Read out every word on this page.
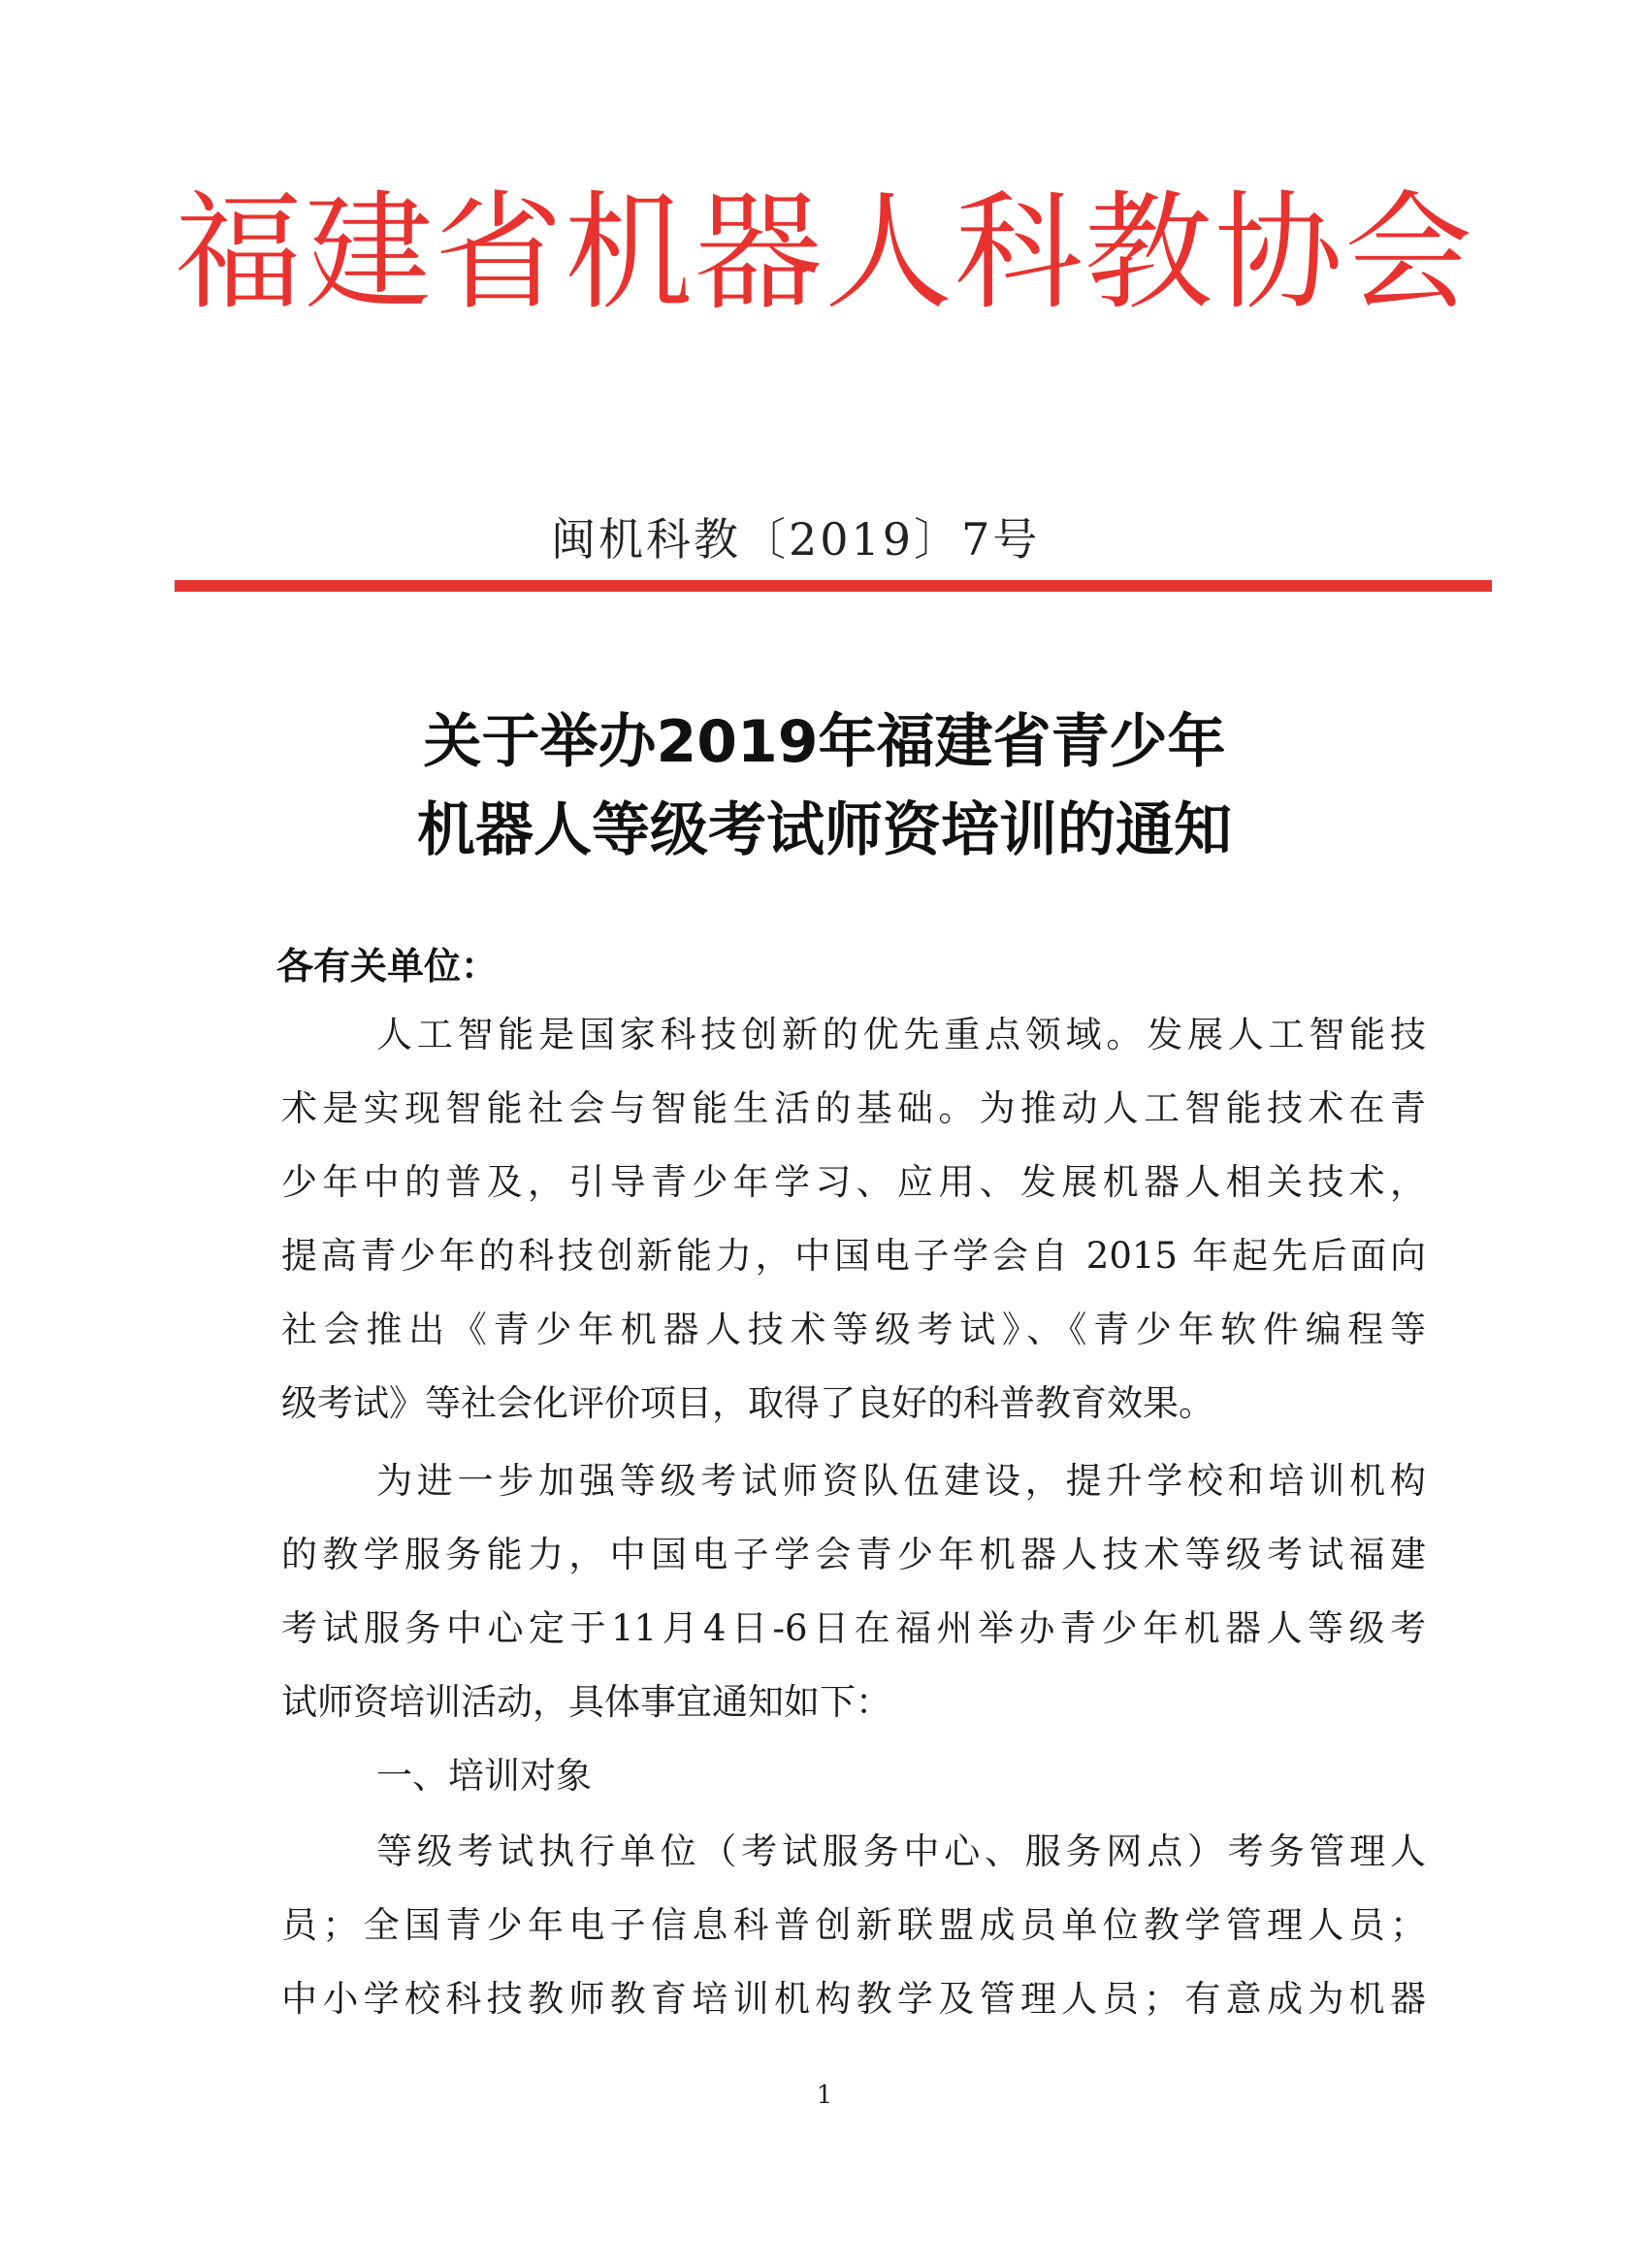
福建省机器人科教协会
闽机科教〔2019〕7号
关于举办2019年福建省青少年
机器人等级考试师资培训的通知
各有关单位：
人工智能是国家科技创新的优先重点领域。发展人工智能技
术是实现智能社会与智能生活的基础。为推动人工智能技术在青
少年中的普及，引导青少年学习、应用、发展机器人相关技术，
提高青少年的科技创新能力，中国电子学会自 2015 年起先后面向
社会推出《青少年机器人技术等级考试》、《青少年软件编程等
级考试》等社会化评价项目，取得了良好的科普教育效果。
为进一步加强等级考试师资队伍建设，提升学校和培训机构
的教学服务能力，中国电子学会青少年机器人技术等级考试福建
考试服务中心定于11月4日-6日在福州举办青少年机器人等级考
试师资培训活动，具体事宜通知如下：
一、培训对象
等级考试执行单位（考试服务中心、服务网点）考务管理人
员；全国青少年电子信息科普创新联盟成员单位教学管理人员；
中小学校科技教师教育培训机构教学及管理人员；有意成为机器
1
